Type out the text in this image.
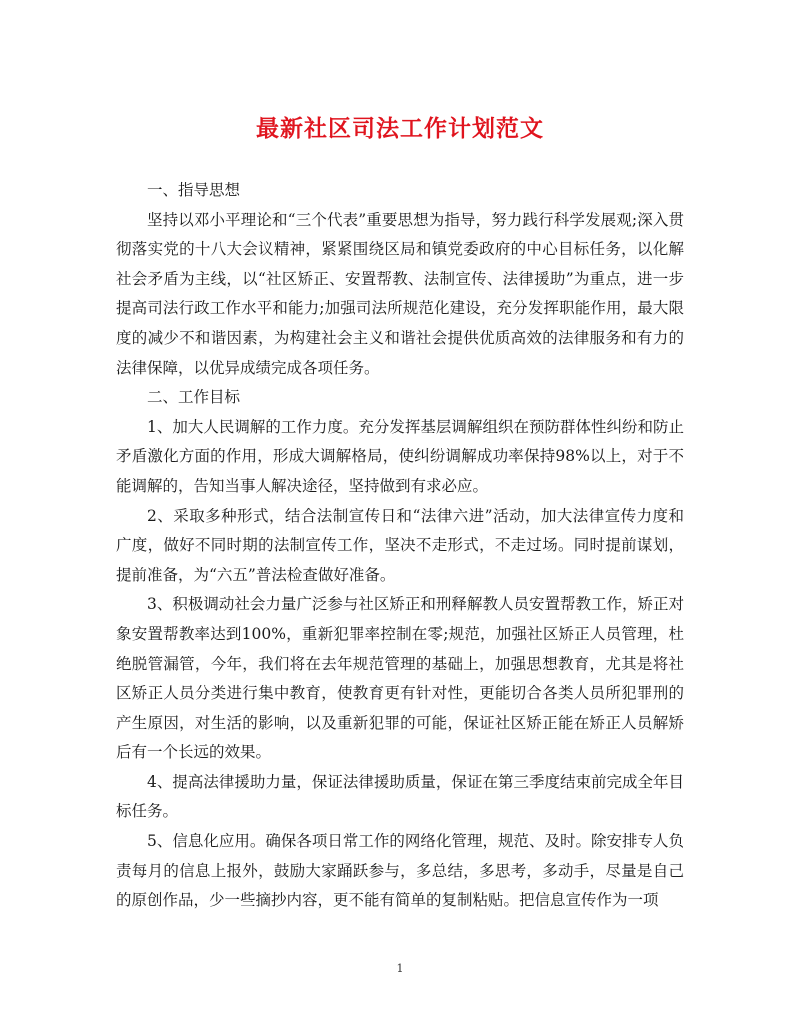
最新社区司法工作计划范文

一、指导思想

坚持以邓小平理论和“三个代表”重要思想为指导，努力践行科学发展观;深入贯彻落实党的十八大会议精神，紧紧围绕区局和镇党委政府的中心目标任务，以化解社会矛盾为主线，以“社区矫正、安置帮教、法制宣传、法律援助”为重点，进一步提高司法行政工作水平和能力;加强司法所规范化建设，充分发挥职能作用，最大限度的减少不和谐因素，为构建社会主义和谐社会提供优质高效的法律服务和有力的法律保障，以优异成绩完成各项任务。

二、工作目标

1、加大人民调解的工作力度。充分发挥基层调解组织在预防群体性纠纷和防止矛盾激化方面的作用，形成大调解格局，使纠纷调解成功率保持98%以上，对于不能调解的，告知当事人解决途径，坚持做到有求必应。

2、采取多种形式，结合法制宣传日和“法律六进”活动，加大法律宣传力度和广度，做好不同时期的法制宣传工作，坚决不走形式，不走过场。同时提前谋划，提前准备，为“六五”普法检查做好准备。

3、积极调动社会力量广泛参与社区矫正和刑释解教人员安置帮教工作，矫正对象安置帮教率达到100%，重新犯罪率控制在零;规范，加强社区矫正人员管理，杜绝脱管漏管，今年，我们将在去年规范管理的基础上，加强思想教育，尤其是将社区矫正人员分类进行集中教育，使教育更有针对性，更能切合各类人员所犯罪刑的产生原因，对生活的影响，以及重新犯罪的可能，保证社区矫正能在矫正人员解矫后有一个长远的效果。

4、提高法律援助力量，保证法律援助质量，保证在第三季度结束前完成全年目标任务。

5、信息化应用。确保各项日常工作的网络化管理，规范、及时。除安排专人负责每月的信息上报外，鼓励大家踊跃参与，多总结，多思考，多动手，尽量是自己的原创作品，少一些摘抄内容，更不能有简单的复制粘贴。把信息宣传作为一项

1
